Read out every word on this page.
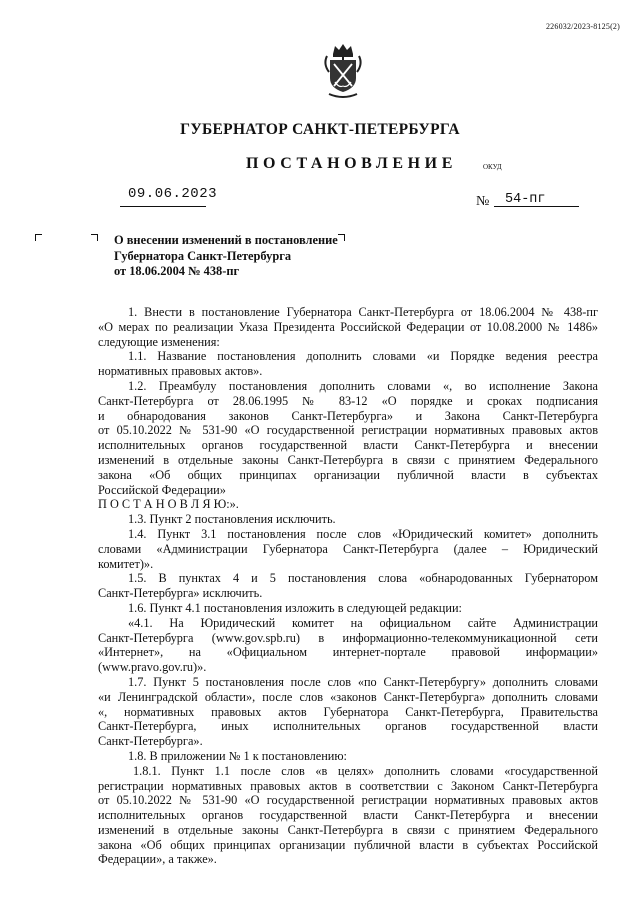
226032/2023-8125(2)
ГУБЕРНАТОР САНКТ-ПЕТЕРБУРГА
ПОСТАНОВЛЕНИЕ	ОКУД
09.06.2023	№ 54-пг
О внесении изменений в постановление
Губернатора Санкт-Петербурга
от 18.06.2004 № 438-пг
1. Внести в постановление Губернатора Санкт-Петербурга от 18.06.2004 № 438-пг
«О мерах по реализации Указа Президента Российской Федерации от 10.08.2000 № 1486»
следующие изменения:
1.1. Название постановления дополнить словами «и Порядке ведения реестра
нормативных правовых актов».
1.2. Преамбулу постановления дополнить словами «, во исполнение Закона
Санкт-Петербурга от 28.06.1995 № 83-12 «О порядке и сроках подписания
и обнародования законов Санкт-Петербурга» и Закона Санкт-Петербурга
от 05.10.2022 № 531-90 «О государственной регистрации нормативных правовых актов
исполнительных органов государственной власти Санкт-Петербурга и внесении
изменений в отдельные законы Санкт-Петербурга в связи с принятием Федерального
закона «Об общих принципах организации публичной власти в субъектах
Российской Федерации»
П О С Т А Н О В Л Я Ю:».
1.3. Пункт 2 постановления исключить.
1.4. Пункт 3.1 постановления после слов «Юридический комитет» дополнить
словами «Администрации Губернатора Санкт-Петербурга (далее – Юридический
комитет)».
1.5. В пунктах 4 и 5 постановления слова «обнародованных Губернатором
Санкт-Петербурга» исключить.
1.6. Пункт 4.1 постановления изложить в следующей редакции:
«4.1. На Юридический комитет на официальном сайте Администрации
Санкт-Петербурга (www.gov.spb.ru) в информационно-телекоммуникационной сети
«Интернет», на «Официальном интернет-портале правовой информации»
(www.pravo.gov.ru)».
1.7. Пункт 5 постановления после слов «по Санкт-Петербургу» дополнить словами
«и Ленинградской области», после слов «законов Санкт-Петербурга» дополнить словами
«, нормативных правовых актов Губернатора Санкт-Петербурга, Правительства
Санкт-Петербурга, иных исполнительных органов государственной власти
Санкт-Петербурга».
1.8. В приложении № 1 к постановлению:
1.8.1. Пункт 1.1 после слов «в целях» дополнить словами «государственной
регистрации нормативных правовых актов в соответствии с Законом Санкт-Петербурга
от 05.10.2022 № 531-90 «О государственной регистрации нормативных правовых актов
исполнительных органов государственной власти Санкт-Петербурга и внесении
изменений в отдельные законы Санкт-Петербурга в связи с принятием Федерального
закона «Об общих принципах организации публичной власти в субъектах Российской
Федерации», а также».
